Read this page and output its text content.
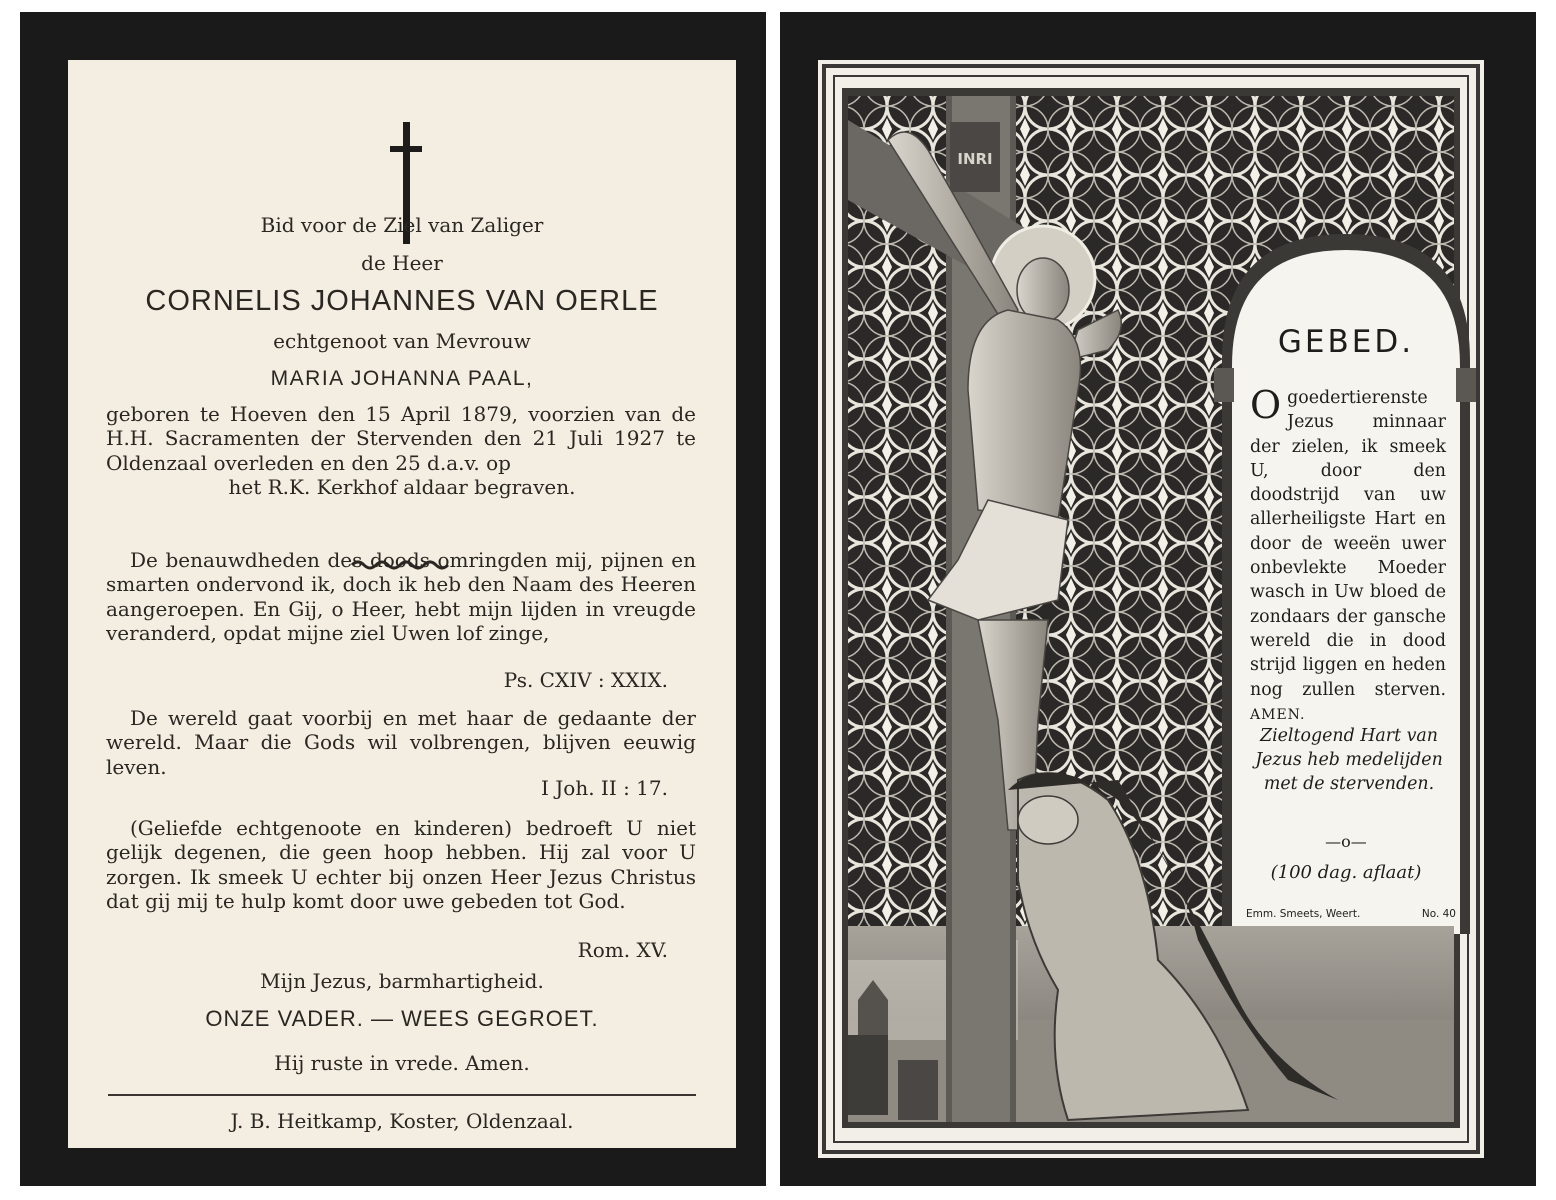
Bid voor de Ziel van Zaliger
de Heer
CORNELIS JOHANNES VAN OERLE
echtgenoot van Mevrouw
MARIA JOHANNA PAAL,
geboren te Hoeven den 15 April 1879, voorzien van de H.H. Sacramenten der Stervenden den 21 Juli 1927 te Oldenzaal overleden en den 25 d.a.v. op
het R.K. Kerkhof aldaar begraven.
De benauwdheden des doods omringden mij, pijnen en smarten ondervond ik, doch ik heb den Naam des Heeren aangeroepen. En Gij, o Heer, hebt mijn lijden in vreugde veranderd, opdat mijne ziel Uwen lof zinge,
Ps. CXIV : XXIX.
De wereld gaat voorbij en met haar de gedaante der wereld. Maar die Gods wil volbrengen, blijven eeuwig leven.
I Joh. II : 17.
(Geliefde echtgenoote en kinderen) bedroeft U niet gelijk degenen, die geen hoop hebben. Hij zal voor U zorgen. Ik smeek U echter bij onzen Heer Jezus Christus dat gij mij te hulp komt door uwe gebeden tot God.
Rom. XV.
Mijn Jezus, barmhartigheid.
ONZE VADER. — WEES GEGROET.
Hij ruste in vrede. Amen.
J. B. Heitkamp, Koster, Oldenzaal.
INRI
GEBED.
O goedertierenste Jezus minnaar der zielen, ik smeek U, door den doodstrijd van uw allerheiligste Hart en door de weeën uwer onbevlekte Moeder wasch in Uw bloed de zondaars der gansche wereld die in dood strijd liggen en heden nog zullen sterven. AMEN.
Zieltogend Hart van Jezus heb medelijden met de stervenden.
—o—
(100 dag. aflaat)
Emm. Smeets, Weert.	No. 40
